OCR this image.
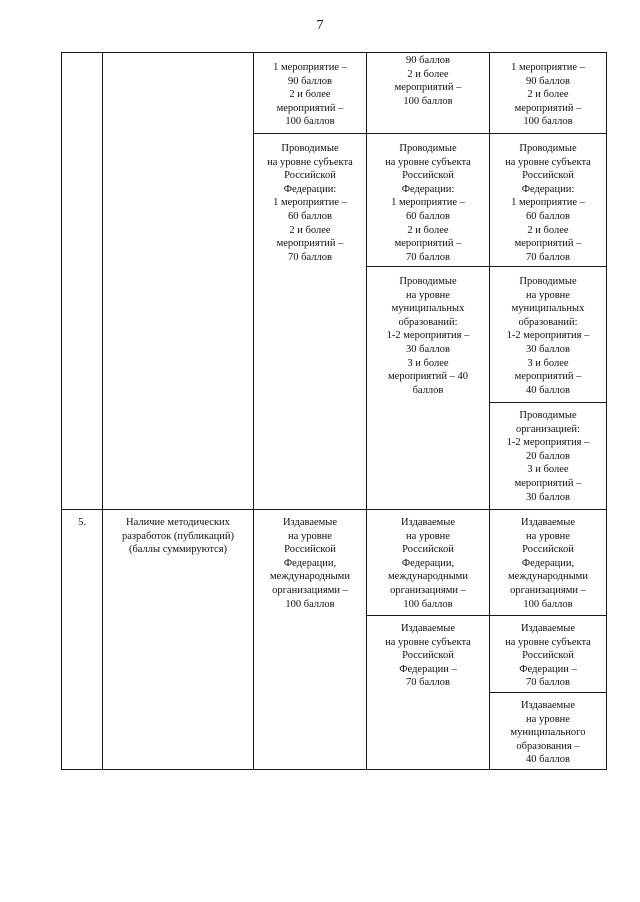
7
1 мероприятие –
90 баллов
2 и более
мероприятий –
100 баллов
Проводимые
на уровне субъекта
Российской
Федерации:
1 мероприятие –
60 баллов
2 и более
мероприятий –
70 баллов
90 баллов
2 и более
мероприятий –
100 баллов
Проводимые
на уровне субъекта
Российской
Федерации:
1 мероприятие –
60 баллов
2 и более
мероприятий –
70 баллов
Проводимые
на уровне
муниципальных
образований:
1-2 мероприятия –
30 баллов
3 и более
мероприятий – 40
баллов
1 мероприятие –
90 баллов
2 и более
мероприятий –
100 баллов
Проводимые
на уровне субъекта
Российской
Федерации:
1 мероприятие –
60 баллов
2 и более
мероприятий –
70 баллов
Проводимые
на уровне
муниципальных
образований:
1-2 мероприятия –
30 баллов
3 и более
мероприятий –
40 баллов
Проводимые
организацией:
1-2 мероприятия –
20 баллов
3 и более
мероприятий –
30 баллов
5.	Наличие методических
разработок (публикаций)
(баллы суммируются)
Издаваемые
на уровне
Российской
Федерации,
международными
организациями –
100 баллов
Издаваемые
на уровне
Российской
Федерации,
международными
организациями –
100 баллов
Издаваемые
на уровне субъекта
Российской
Федерации –
70 баллов
Издаваемые
на уровне
Российской
Федерации,
международными
организациями –
100 баллов
Издаваемые
на уровне субъекта
Российской
Федерации –
70 баллов
Издаваемые
на уровне
муниципального
образования –
40 баллов
